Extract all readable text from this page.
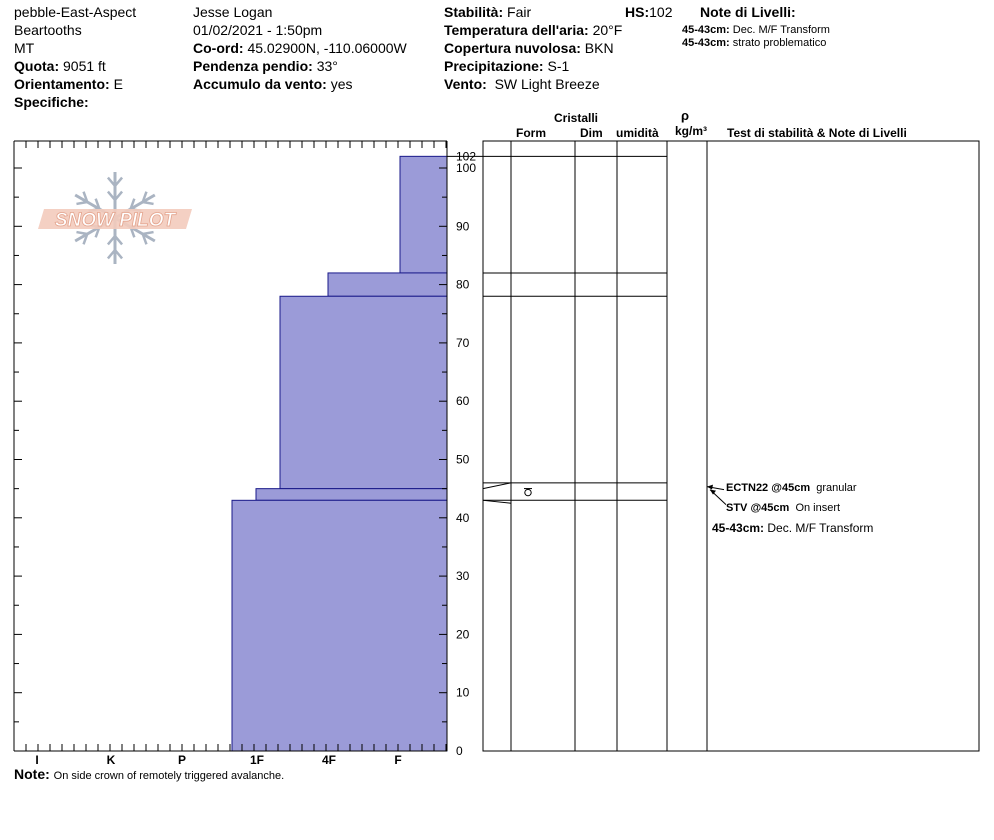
pebble-East-Aspect
Beartooths
MT
Quota: 9051 ft
Orientamento: E
Specifiche:
Jesse Logan
01/02/2021 - 1:50pm
Co-ord: 45.02900N, -110.06000W
Pendenza pendio: 33°
Accumulo da vento: yes
Stabilità: Fair	HS:102
Temperatura dell'aria: 20°F
Copertura nuvolosa: BKN
Precipitazione: S-1
Vento: SW Light Breeze
Note di Livelli:
45-43cm: Dec. M/F Transform
45-43cm: strato problematico
Cristalli
Form	Dim umidità
ρ
kg/m³ Test di stabilità & Note di Livelli
SNOW PILOT
0
10
20
30
40
50
60
70
80
90
100
102
I	K	P	1F	4F	F
ECTN22 @45cm granular
STV @45cm On insert
45-43cm: Dec. M/F Transform
Note: On side crown of remotely triggered avalanche.
